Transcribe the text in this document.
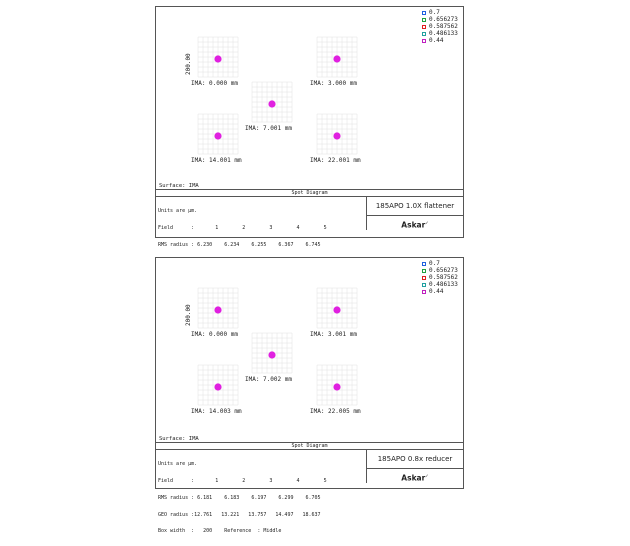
IMA: 0.000 mm	IMA: 3.000 mm
IMA: 7.001 mm
IMA: 14.001 mm	IMA: 22.001 mm
200.00
0.7
0.656273
0.587562
0.486133
0.44
Surface: IMA
Spot Diagram

Units are µm.

Field      :       1        2        3        4        5

RMS radius : 6.230    6.234    6.255    6.367    6.745

185APO 1.0X flattener
Askar✓
IMA: 0.000 mm	IMA: 3.001 mm
IMA: 7.002 mm
IMA: 14.003 mm	IMA: 22.005 mm
200.00
0.7
0.656273
0.587562
0.486133
0.44
Surface: IMA
Spot Diagram

Units are µm.

Field      :       1        2        3        4        5

RMS radius : 6.181    6.183    6.197    6.299    6.705

GEO radius :12.761   13.221   13.757   14.497   18.637

Box width  :   200    Reference  : Middle

185APO 0.8x reducer
Askar✓
